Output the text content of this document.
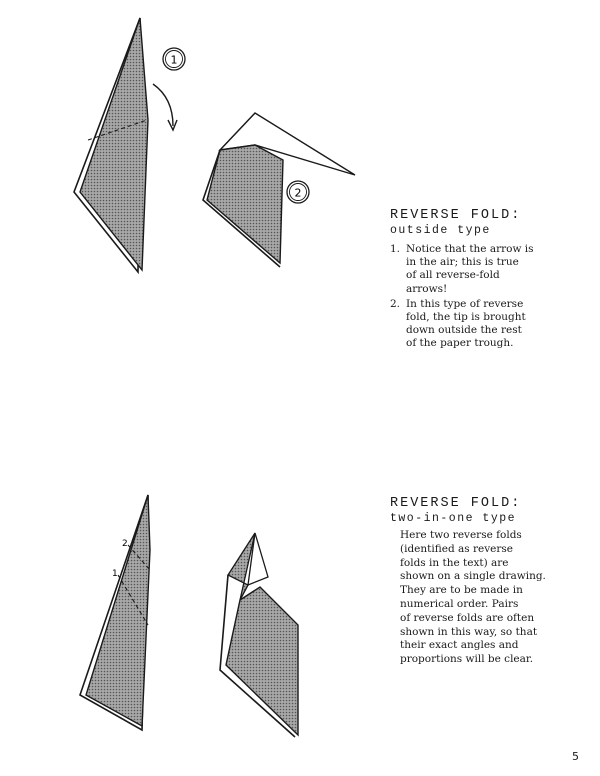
1
2
REVERSE FOLD:
outside type
1. Notice that the arrow is
in the air; this is true
of all reverse-fold
arrows!
2. In this type of reverse
fold, the tip is brought
down outside the rest
of the paper trough.
2
1
REVERSE FOLD:
two-in-one type
Here two reverse folds
(identified as reverse
folds in the text) are
shown on a single drawing.
They are to be made in
numerical order. Pairs
of reverse folds are often
shown in this way, so that
their exact angles and
proportions will be clear.
5
